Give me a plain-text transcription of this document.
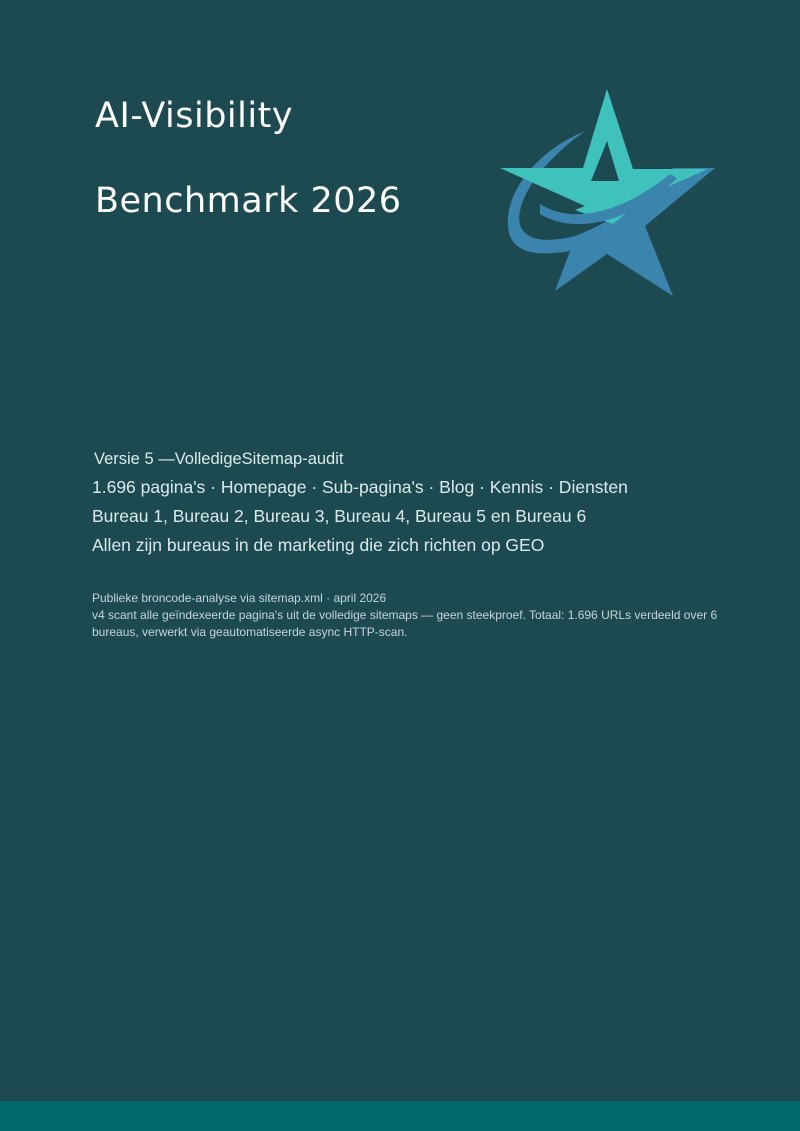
AI-Visibility
Benchmark 2026
Versie 5 —VolledigeSitemap-audit
1.696 pagina's · Homepage · Sub-pagina's · Blog · Kennis · Diensten
Bureau 1, Bureau 2, Bureau 3, Bureau 4, Bureau 5 en Bureau 6
Allen zijn bureaus in de marketing die zich richten op GEO
Publieke broncode-analyse via sitemap.xml · april 2026
v4 scant alle geïndexeerde pagina's uit de volledige sitemaps — geen steekproef. Totaal: 1.696 URLs verdeeld over 6 bureaus, verwerkt via geautomatiseerde async HTTP-scan.
